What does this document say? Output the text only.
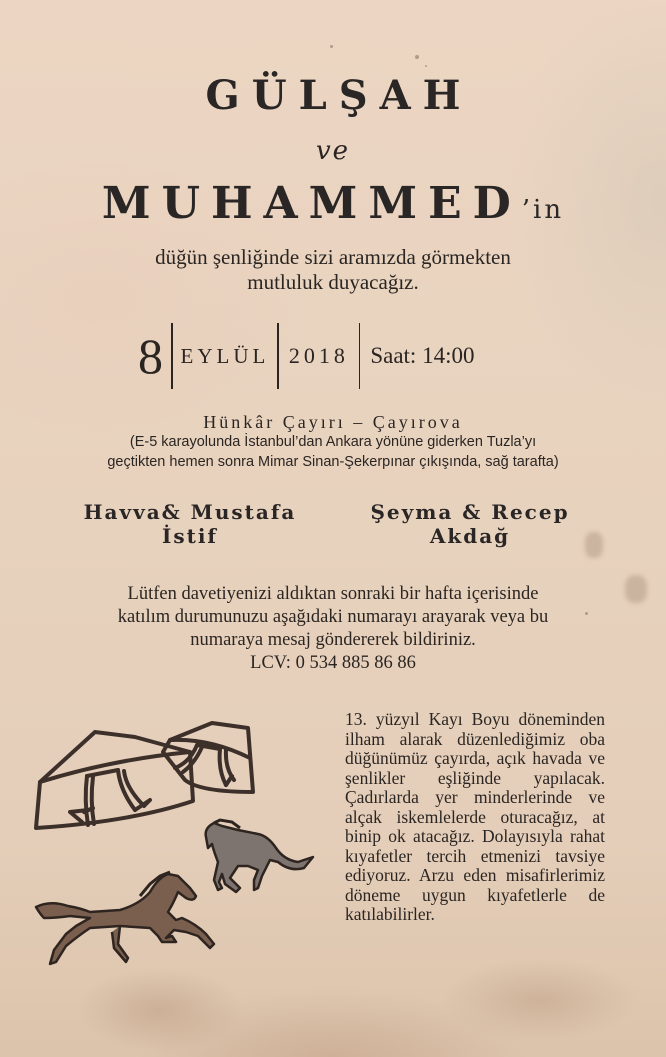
GÜLŞAH
ve
MUHAMMED’in
düğün şenliğinde sizi aramızda görmekten
mutluluk duyacağız.
8 EYLÜL 2018 Saat: 14:00
Hünkâr Çayırı – Çayırova
(E-5 karayolunda İstanbul’dan Ankara yönüne giderken Tuzla’yı
geçtikten hemen sonra Mimar Sinan-Şekerpınar çıkışında, sağ tarafta)
Havva& Mustafa
İstif
Şeyma & Recep
Akdağ
Lütfen davetiyenizi aldıktan sonraki bir hafta içerisinde
katılım durumunuzu aşağıdaki numarayı arayarak veya bu
numaraya mesaj göndererek bildiriniz.
LCV: 0 534 885 86 86
13. yüzyıl Kayı Boyu döneminden ilham alarak düzenlediğimiz oba düğünümüz çayırda, açık havada ve şenlikler eşliğinde yapılacak. Çadırlarda yer minderlerinde ve alçak iskemlelerde oturacağız, at binip ok atacağız. Dolayısıyla rahat kıyafetler tercih etmenizi tavsiye ediyoruz. Arzu eden misafirlerimiz döneme uygun kıyafetlerle de katılabilirler.
